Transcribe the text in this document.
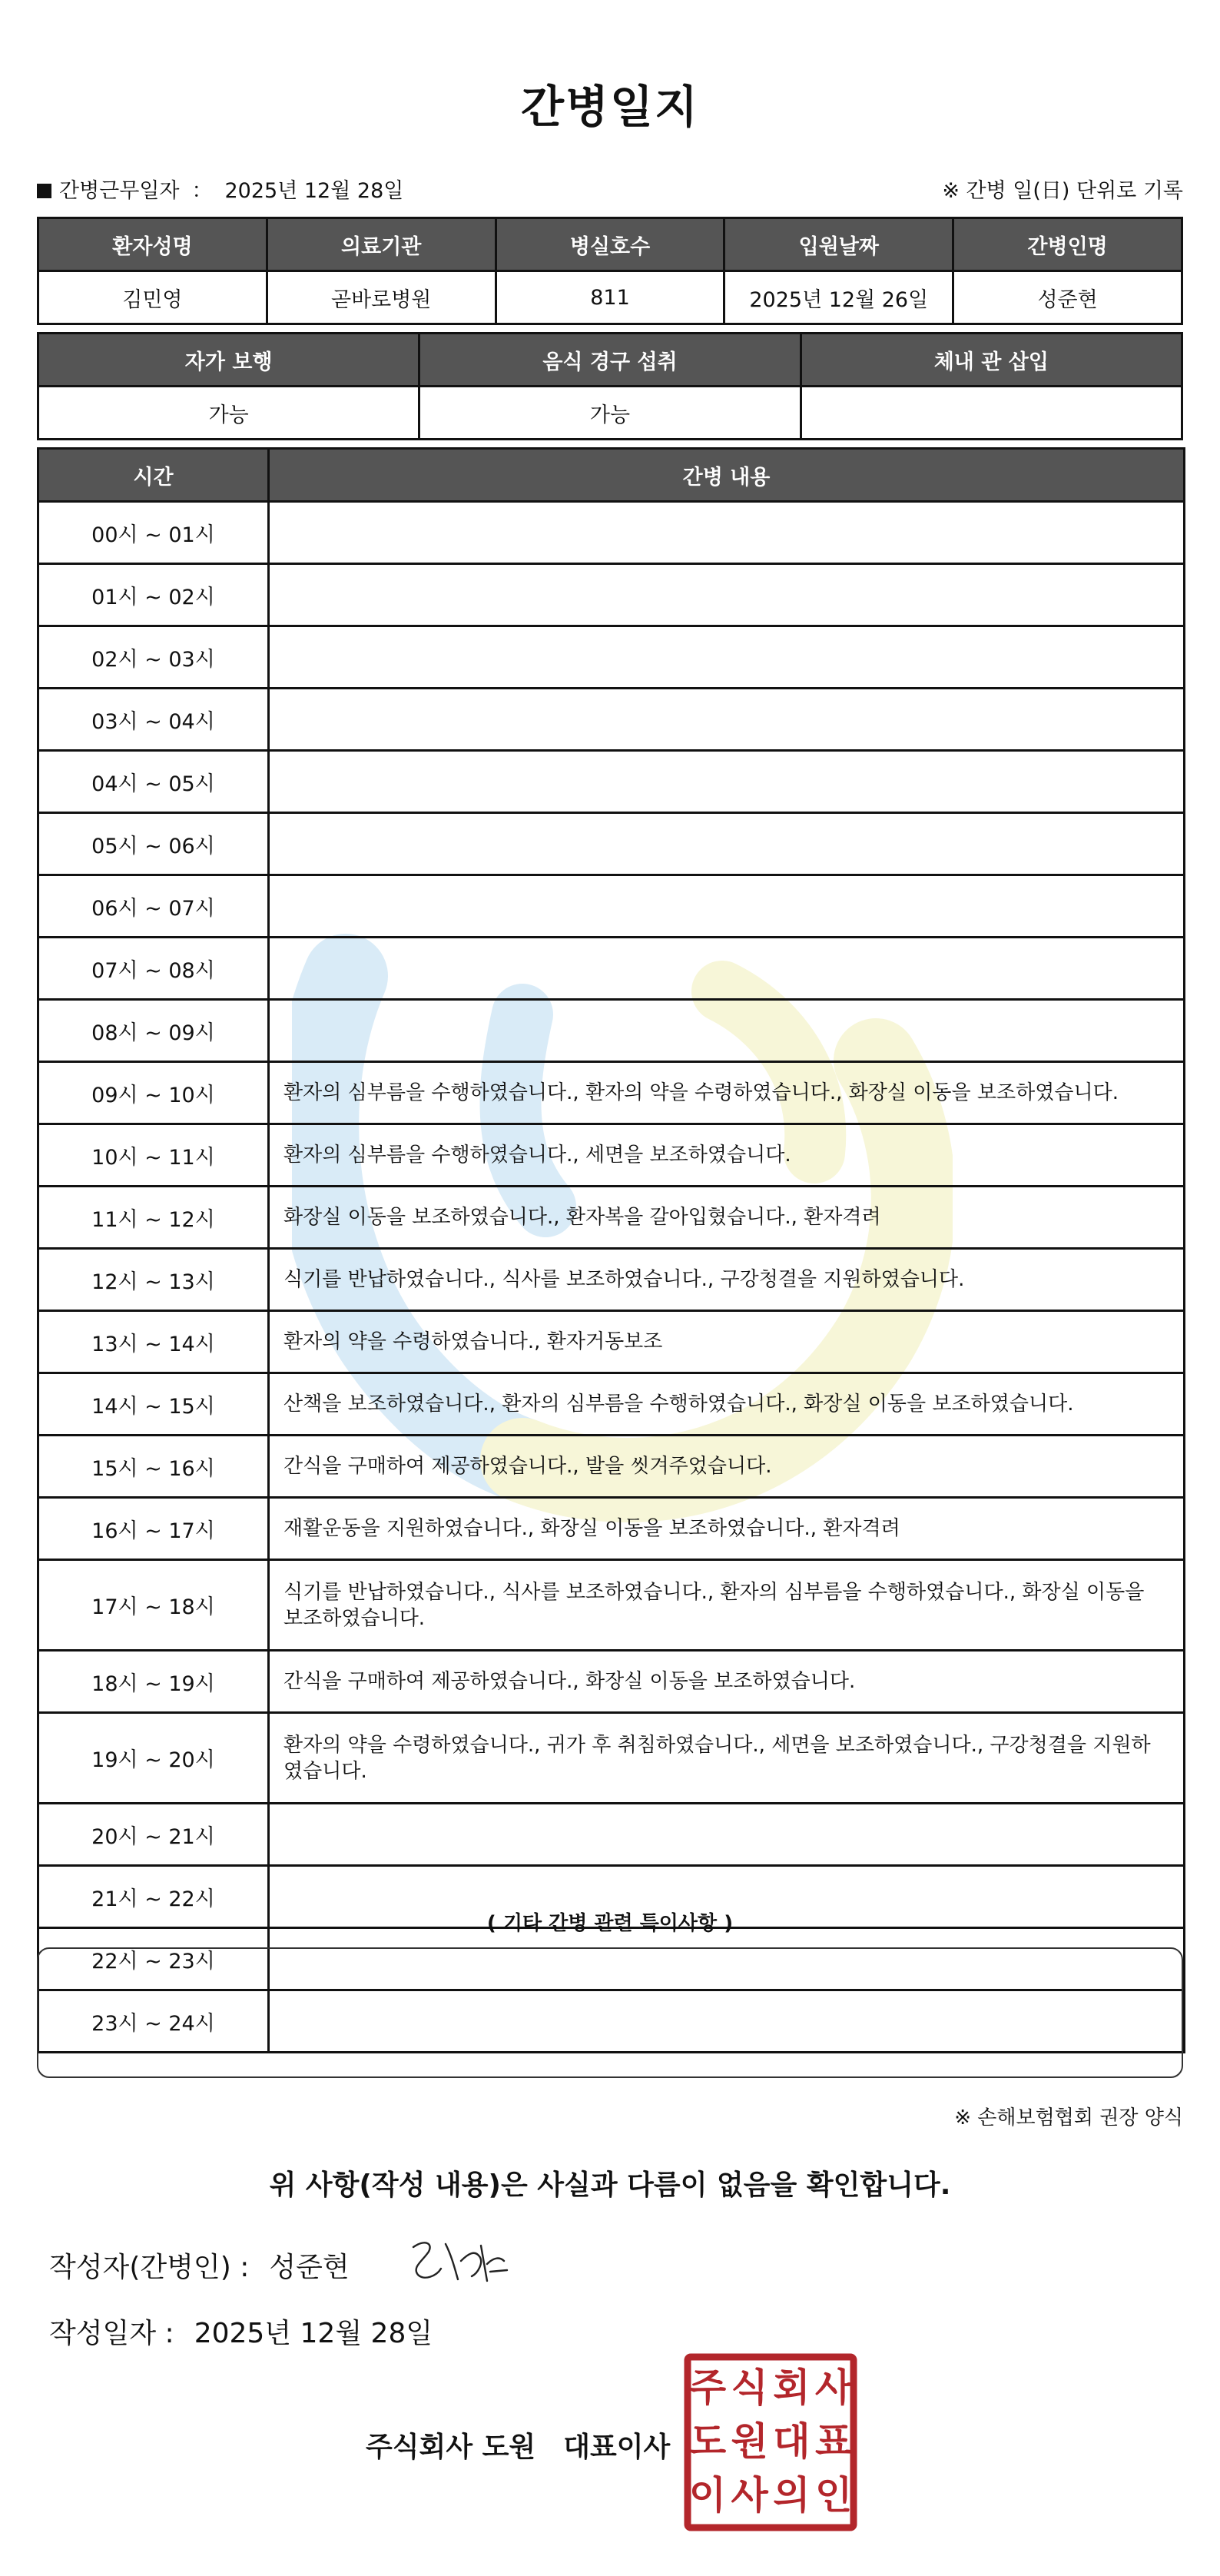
간병일지
간병근무일자 ： 2025년 12월 28일	※ 간병 일(日) 단위로 기록
환자성명	의료기관	병실호수	입원날짜	간병인명
김민영	곧바로병원	811	2025년 12월 26일	성준현
자가 보행	음식 경구 섭취	체내 관 삽입
가능	가능	
시간	간병 내용
00시 ~ 01시	
01시 ~ 02시	
02시 ~ 03시	
03시 ~ 04시	
04시 ~ 05시	
05시 ~ 06시	
06시 ~ 07시	
07시 ~ 08시	
08시 ~ 09시	
09시 ~ 10시	환자의 심부름을 수행하였습니다., 환자의 약을 수령하였습니다., 화장실 이동을 보조하였습니다.
10시 ~ 11시	환자의 심부름을 수행하였습니다., 세면을 보조하였습니다.
11시 ~ 12시	화장실 이동을 보조하였습니다., 환자복을 갈아입혔습니다., 환자격려
12시 ~ 13시	식기를 반납하였습니다., 식사를 보조하였습니다., 구강청결을 지원하였습니다.
13시 ~ 14시	환자의 약을 수령하였습니다., 환자거동보조
14시 ~ 15시	산책을 보조하였습니다., 환자의 심부름을 수행하였습니다., 화장실 이동을 보조하였습니다.
15시 ~ 16시	간식을 구매하여 제공하였습니다., 발을 씻겨주었습니다.
16시 ~ 17시	재활운동을 지원하였습니다., 화장실 이동을 보조하였습니다., 환자격려
17시 ~ 18시	식기를 반납하였습니다., 식사를 보조하였습니다., 환자의 심부름을 수행하였습니다., 화장실 이동을 보조하였습니다.
18시 ~ 19시	간식을 구매하여 제공하였습니다., 화장실 이동을 보조하였습니다.
19시 ~ 20시	환자의 약을 수령하였습니다., 귀가 후 취침하였습니다., 세면을 보조하였습니다., 구강청결을 지원하였습니다.
20시 ~ 21시	
21시 ~ 22시	
22시 ~ 23시	
23시 ~ 24시	
( 기타 간병 관련 특이사항 )
※ 손해보험협회 권장 양식
위 사항(작성 내용)은 사실과 다름이 없음을 확인합니다.
작성자(간병인) : 성준현
작성일자 : 2025년 12월 28일
주식회사 도원 대표이사
주 식 회 사
도 원 대 표
이 사 의 인
